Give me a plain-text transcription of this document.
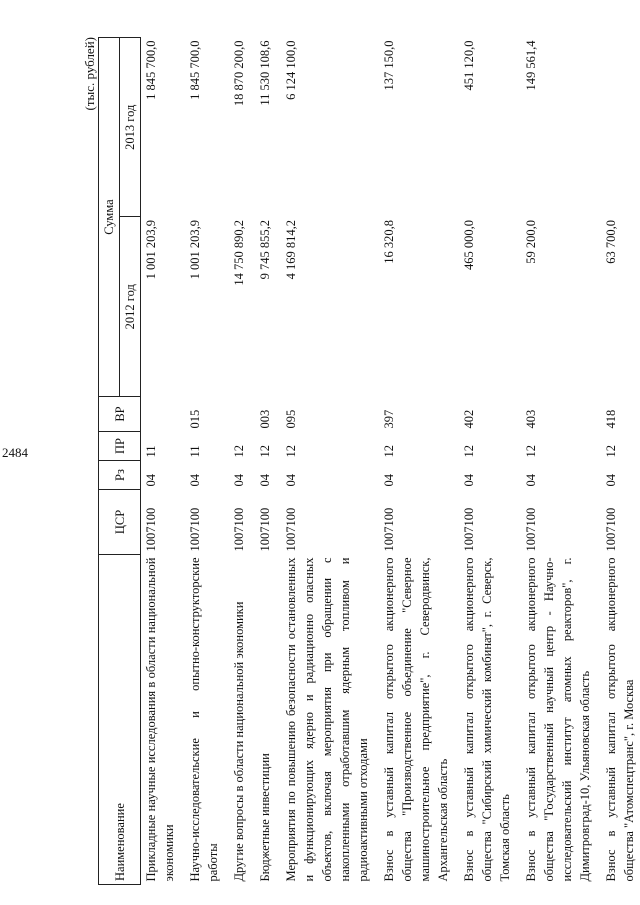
2484
(тыс. рублей)
Наименование	ЦСР	Рз	ПР	ВР	Сумма	
					2012 год	2013 год
Прикладные научные исследования в области национальной экономики	1007100	04	11		1 001 203,9	1 845 700,0
Научно-исследовательские и опытно-конструкторские работы	1007100	04	11	015	1 001 203,9	1 845 700,0
Другие вопросы в области национальной экономики	1007100	04	12		14 750 890,2	18 870 200,0
Бюджетные инвестиции	1007100	04	12	003	9 745 855,2	11 530 108,6
Мероприятия по повышению безопасности остановленных и функционирующих ядерно и радиационно опасных объектов, включая мероприятия при обращении с накопленными отработавшим ядерным топливом и радиоактивными отходами	1007100	04	12	095	4 169 814,2	6 124 100,0
Взнос в уставный капитал открытого акционерного общества "Производственное объединение "Северное машиностроительное предприятие", г. Северодвинск, Архангельская область	1007100	04	12	397	16 320,8	137 150,0
Взнос в уставный капитал открытого акционерного общества "Сибирский химический комбинат", г. Северск, Томская область	1007100	04	12	402	465 000,0	451 120,0
Взнос в уставный капитал открытого акционерного общества "Государственный научный центр - Научно-исследовательский институт атомных реакторов", г. Димитровград-10, Ульяновская область	1007100	04	12	403	59 200,0	149 561,4
Взнос в уставный капитал открытого акционерного общества "Атомспецтранс", г. Москва	1007100	04	12	418	63 700,0	
